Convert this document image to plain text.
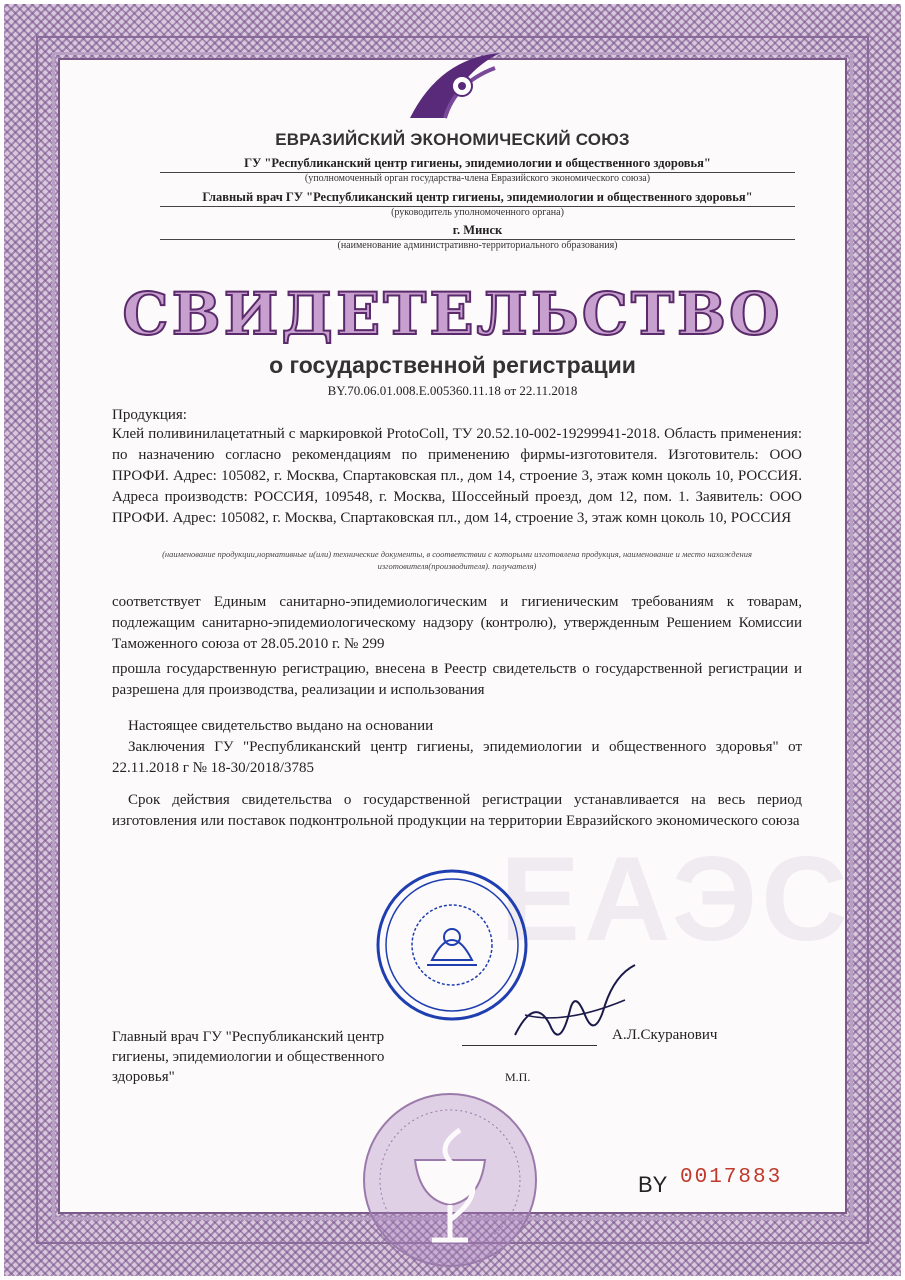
ЕАЭС
ЕВРАЗИЙСКИЙ ЭКОНОМИЧЕСКИЙ СОЮЗ
ГУ "Республиканский центр гигиены, эпидемиологии и общественного здоровья"
(уполномоченный орган государства-члена Евразийского экономического союза)
Главный врач ГУ "Республиканский центр гигиены, эпидемиологии и общественного здоровья"
(руководитель уполномоченного органа)
г. Минск
(наименование административно-территориального образования)
СВИДЕТЕЛЬСТВО
о государственной регистрации
BY.70.06.01.008.E.005360.11.18 от 22.11.2018
Продукция:
Клей поливинилацетатный с маркировкой ProtoColl, ТУ 20.52.10-002-19299941-2018. Область применения: по назначению согласно рекомендациям по применению фирмы-изготовителя. Изготовитель: ООО ПРОФИ. Адрес: 105082, г. Москва, Спартаковская пл., дом 14, строение 3, этаж комн цоколь 10, РОССИЯ. Адреса производств: РОССИЯ, 109548, г. Москва, Шоссейный проезд, дом 12, пом. 1. Заявитель: ООО ПРОФИ. Адрес: 105082, г. Москва, Спартаковская пл., дом 14, строение 3, этаж комн цоколь 10, РОССИЯ
(наименование продукции,нормативные и(или) технические документы, в соответствии с которыми изготовлена продукция, наименование и место нахождения изготовителя(производителя). получателя)
соответствует Единым санитарно-эпидемиологическим и гигиеническим требованиям к товарам, подлежащим санитарно-эпидемиологическому надзору (контролю), утвержденным Решением Комиссии Таможенного союза от 28.05.2010 г. № 299
прошла государственную регистрацию, внесена в Реестр свидетельств о государственной регистрации и разрешена для производства, реализации и использования
Настоящее свидетельство выдано на основании
Заключения ГУ "Республиканский центр гигиены, эпидемиологии и общественного здоровья" от 22.11.2018 г № 18-30/2018/3785
Срок действия свидетельства о государственной регистрации устанавливается на весь период изготовления или поставок подконтрольной продукции на территории Евразийского экономического союза
Главный врач ГУ "Республиканский центр гигиены, эпидемиологии и общественного здоровья"
А.Л.Скуранович
М.П.
BY 0017883
